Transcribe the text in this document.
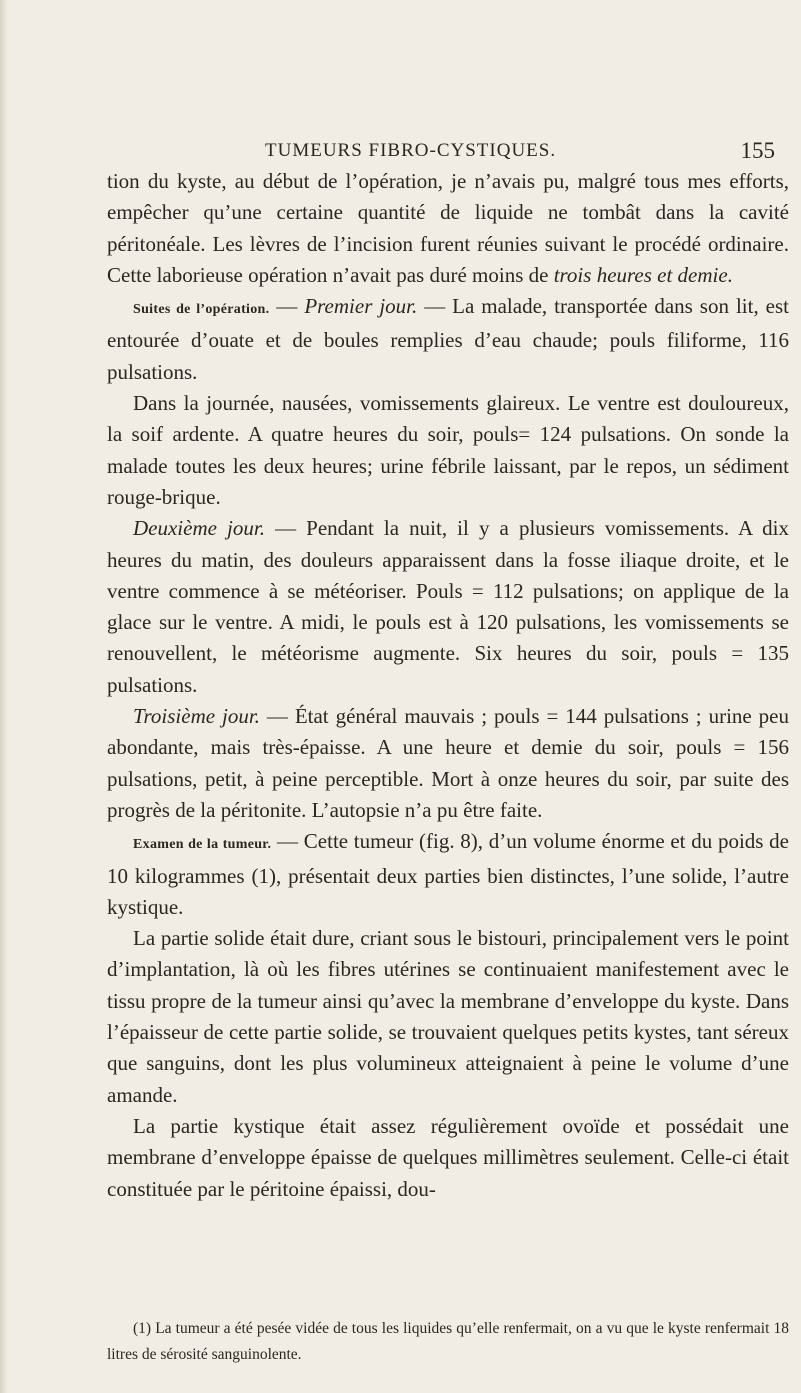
TUMEURS FIBRO-CYSTIQUES.	155

tion du kyste, au début de l’opération, je n’avais pu, malgré tous mes efforts, empêcher qu’une certaine quantité de liquide ne tombât dans la cavité péritonéale. Les lèvres de l’incision furent réunies suivant le procédé ordinaire. Cette laborieuse opération n’avait pas duré moins de trois heures et demie.

Suites de l’opération. — Premier jour. — La malade, transportée dans son lit, est entourée d’ouate et de boules remplies d’eau chaude; pouls filiforme, 116 pulsations.

Dans la journée, nausées, vomissements glaireux. Le ventre est douloureux, la soif ardente. A quatre heures du soir, pouls= 124 pulsations. On sonde la malade toutes les deux heures; urine fébrile laissant, par le repos, un sédiment rouge-brique.

Deuxième jour. — Pendant la nuit, il y a plusieurs vomissements. A dix heures du matin, des douleurs apparaissent dans la fosse iliaque droite, et le ventre commence à se météoriser. Pouls = 112 pulsations; on applique de la glace sur le ventre. A midi, le pouls est à 120 pulsations, les vomissements se renouvellent, le météorisme augmente. Six heures du soir, pouls = 135 pulsations.

Troisième jour. — État général mauvais ; pouls = 144 pulsations ; urine peu abondante, mais très-épaisse. A une heure et demie du soir, pouls = 156 pulsations, petit, à peine perceptible. Mort à onze heures du soir, par suite des progrès de la péritonite. L’autopsie n’a pu être faite.

Examen de la tumeur. — Cette tumeur (fig. 8), d’un volume énorme et du poids de 10 kilogrammes (1), présentait deux parties bien distinctes, l’une solide, l’autre kystique.

La partie solide était dure, criant sous le bistouri, principalement vers le point d’implantation, là où les fibres utérines se continuaient manifestement avec le tissu propre de la tumeur ainsi qu’avec la membrane d’enveloppe du kyste. Dans l’épaisseur de cette partie solide, se trouvaient quelques petits kystes, tant séreux que sanguins, dont les plus volumineux atteignaient à peine le volume d’une amande.

La partie kystique était assez régulièrement ovoïde et possédait une membrane d’enveloppe épaisse de quelques millimètres seulement. Celle-ci était constituée par le péritoine épaissi, dou-

(1) La tumeur a été pesée vidée de tous les liquides qu’elle renfermait, on a vu que le kyste renfermait 18 litres de sérosité sanguinolente.
